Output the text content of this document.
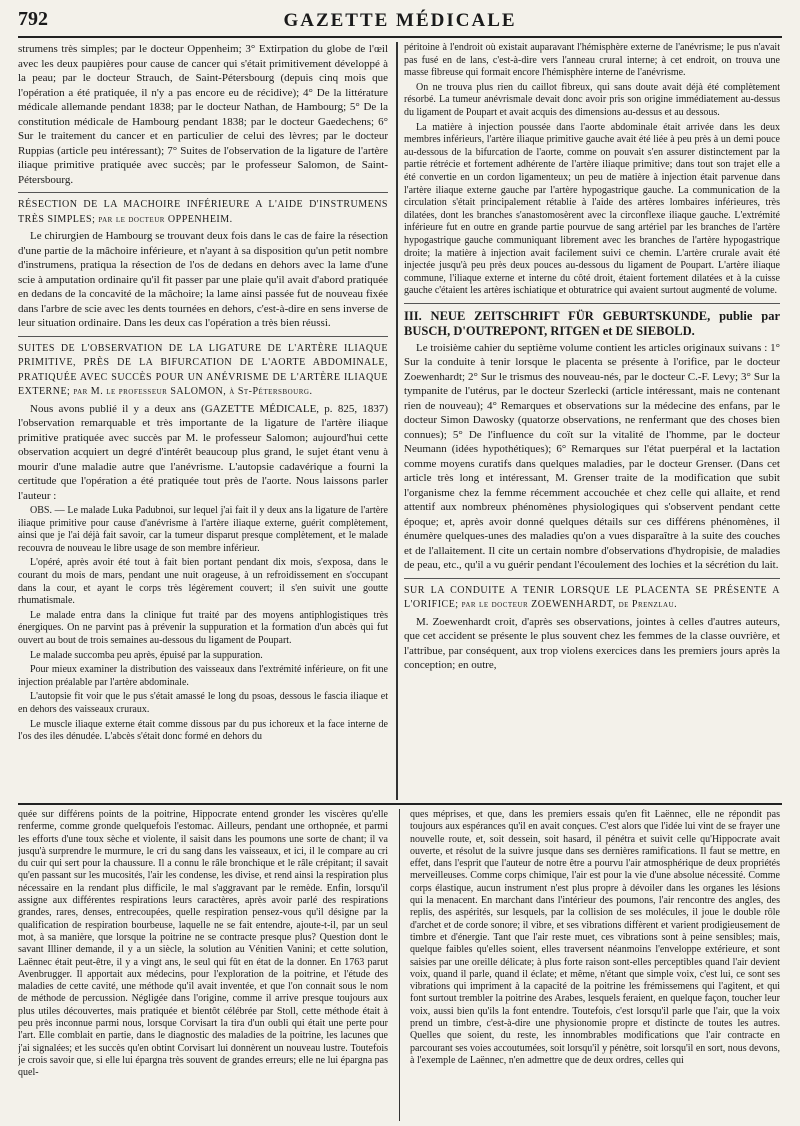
792	GAZETTE MÉDICALE

strumens très simples; par le docteur Oppenheim; 3° Extirpation du globe de l'œil avec les deux paupières pour cause de cancer qui s'était primitivement développé à la peau; par le docteur Strauch, de Saint-Pétersbourg (depuis cinq mois que l'opération a été pratiquée, il n'y a pas encore eu de récidive); 4° De la littérature médicale allemande pendant 1838; par le docteur Nathan, de Hambourg; 5° De la constitution médicale de Hambourg pendant 1838; par le docteur Gaedechens; 6° Sur le traitement du cancer et en particulier de celui des lèvres; par le docteur Ruppias (article peu intéressant); 7° Suites de l'observation de la ligature de l'artère iliaque primitive pratiquée avec succès; par le professeur Salomon, de Saint-Pétersbourg.

RÉSECTION DE LA MACHOIRE INFÉRIEURE A L'AIDE D'INSTRUMENS TRÈS SIMPLES; par le docteur OPPENHEIM.

Le chirurgien de Hambourg se trouvant deux fois dans le cas de faire la résection d'une partie de la mâchoire inférieure, et n'ayant à sa disposition qu'un petit nombre d'instrumens, pratiqua la résection de l'os de dedans en dehors avec la lame d'une scie à amputation ordinaire qu'il fit passer par une plaie qu'il avait d'abord pratiquée en dedans de la concavité de la mâchoire; la lame ainsi passée fut de nouveau fixée dans l'arbre de scie avec les dents tournées en dehors, c'est-à-dire en sens inverse de leur situation ordinaire. Dans les deux cas l'opération a très bien réussi.

SUITES DE L'OBSERVATION DE LA LIGATURE DE L'ARTÈRE ILIAQUE PRIMITIVE, PRÈS DE LA BIFURCATION DE L'AORTE ABDOMINALE, PRATIQUÉE AVEC SUCCÈS POUR UN ANÉVRISME DE L'ARTÈRE ILIAQUE EXTERNE; par M. le professeur SALOMON, à St-Pétersbourg.

Nous avons publié il y a deux ans (GAZETTE MÉDICALE, p. 825, 1837) l'observation remarquable et très importante de la ligature de l'artère iliaque primitive pratiquée avec succès par M. le professeur Salomon; aujourd'hui cette observation acquiert un degré d'intérêt beaucoup plus grand, le sujet étant venu à mourir d'une maladie autre que l'anévrisme. L'autopsie cadavérique a fourni la certitude que l'opération a été pratiquée tout près de l'aorte. Nous laissons parler l'auteur :

OBS. — Le malade Luka Padubnoi, sur lequel j'ai fait il y deux ans la ligature de l'artère iliaque primitive pour cause d'anévrisme à l'artère iliaque externe, guérit complètement, ainsi que je l'ai déjà fait savoir, car la tumeur disparut presque complètement, et le malade recouvra de nouveau le libre usage de son membre inférieur.

L'opéré, après avoir été tout à fait bien portant pendant dix mois, s'exposa, dans le courant du mois de mars, pendant une nuit orageuse, à un refroidissement en s'occupant dans la cour, et ayant le corps très légèrement couvert; il s'en suivit une goutte rhumatismale.

Le malade entra dans la clinique fut traité par des moyens antiphlogistiques très énergiques. On ne parvint pas à prévenir la suppuration et la formation d'un abcès qui fut ouvert au bout de trois semaines au-dessous du ligament de Poupart.

Le malade succomba peu après, épuisé par la suppuration.

Pour mieux examiner la distribution des vaisseaux dans l'extrémité inférieure, on fit une injection préalable par l'artère abdominale.

L'autopsie fit voir que le pus s'était amassé le long du psoas, dessous le fascia iliaque et en dehors des vaisseaux cruraux.

Le muscle iliaque externe était comme dissous par du pus ichoreux et la face interne de l'os des iles dénudée. L'abcès s'était donc formé en dehors du

péritoine à l'endroit où existait auparavant l'hémisphère externe de l'anévrisme; le pus n'avait pas fusé en de lans, c'est-à-dire vers l'anneau crural interne; à cet endroit, on trouva une masse fibreuse qui formait encore l'hémisphère interne de l'anévrisme.

On ne trouva plus rien du caillot fibreux, qui sans doute avait déjà été complètement résorbé. La tumeur anévrismale devait donc avoir pris son origine immédiatement au-dessus du ligament de Poupart et avait acquis des dimensions au-dessus et au dessous.

La matière à injection poussée dans l'aorte abdominale était arrivée dans les deux membres inférieurs, l'artère iliaque primitive gauche avait été liée à peu près à un demi pouce au-dessous de la bifurcation de l'aorte, comme on pouvait s'en assurer distinctement par la partie rétrécie et fortement adhérente de l'artère iliaque primitive; dans tout son trajet elle a été convertie en un cordon ligamenteux; un peu de matière à injection était parvenue dans l'artère iliaque externe gauche par l'artère hypogastrique gauche. La communication de la circulation s'était principalement rétablie à l'aide des artères lombaires inférieures, très dilatées, dont les branches s'anastomosèrent avec la circonflexe iliaque gauche. L'extrémité inférieure fut en outre en grande partie pourvue de sang artériel par les branches de l'artère hypogastrique gauche communiquant librement avec les branches de l'artère hypogastrique droite; la matière à injection avait facilement suivi ce chemin. L'artère crurale avait été injectée jusqu'à peu près deux pouces au-dessous du ligament de Poupart. L'artère iliaque commune, l'iliaque externe et interne du côté droit, étaient fortement dilatées et à la cuisse gauche c'étaient les artères ischiatique et obturatrice qui avaient surtout augmenté de volume.

III. NEUE ZEITSCHRIFT FÜR GEBURTSKUNDE, publie par BUSCH, D'OUTREPONT, RITGEN et DE SIEBOLD.

Le troisième cahier du septième volume contient les articles originaux suivans : 1° Sur la conduite à tenir lorsque le placenta se présente à l'orifice, par le docteur Zoewenhardt; 2° Sur le trismus des nouveau-nés, par le docteur C.-F. Levy; 3° Sur la tympanite de l'utérus, par le docteur Szerlecki (article intéressant, mais ne contenant rien de nouveau); 4° Remarques et observations sur la médecine des enfans, par le docteur Simon Dawosky (quatorze observations, ne renfermant que des choses bien connues); 5° De l'influence du coït sur la vitalité de l'homme, par le docteur Neumann (idées hypothétiques); 6° Remarques sur l'état puerpéral et la lactation comme moyens curatifs dans quelques maladies, par le docteur Grenser. (Dans cet article très long et intéressant, M. Grenser traite de la modification que subit l'organisme chez la femme récemment accouchée et chez celle qui allaite, et rend attentif aux nombreux phénomènes physiologiques qui s'observent pendant cette époque; et, après avoir donné quelques détails sur ces différens phénomènes, il énumère quelques-unes des maladies qu'on a vues disparaître à la suite des couches et de l'allaitement. Il cite un certain nombre d'observations d'hydropisie, de maladies de peau, etc., qu'il a vu guérir pendant l'écoulement des lochies et la sécrétion du lait.

SUR LA CONDUITE A TENIR LORSQUE LE PLACENTA SE PRÉSENTE A L'ORIFICE; par le docteur ZOEWENHARDT, de Prenzlau.

M. Zoewenhardt croit, d'après ses observations, jointes à celles d'autres auteurs, que cet accident se présente le plus souvent chez les femmes de la classe ouvrière, et l'attribue, par conséquent, aux trop violens exercices dans les premiers jours après la conception; en outre,

quée sur différens points de la poitrine, Hippocrate entend gronder les viscères qu'elle renferme, comme gronde quelquefois l'estomac. Ailleurs, pendant une orthopnée, et parmi les efforts d'une toux sèche et violente, il saisit dans les poumons une sorte de chant; il va jusqu'à surprendre le murmure, le cri du sang dans les vaisseaux, et ici, il le compare au cri du cuir qui sert pour la chaussure. Il a connu le râle bronchique et le râle crépitant; il savait qu'en passant sur les mucosités, l'air les condense, les divise, et rend ainsi la respiration plus nécessaire en la rendant plus difficile, le mal s'aggravant par le remède. Enfin, lorsqu'il assigne aux différentes respirations leurs caractères, après avoir parlé des respirations grandes, rares, denses, entrecoupées, quelle respiration pensez-vous qu'il désigne par la qualification de respiration bourbeuse, laquelle ne se fait entendre, ajoute-t-il, par un seul mot, à sa manière, que lorsque la poitrine ne se contracte presque plus? Question dont le savant Illiner demande, il y a un siècle, la solution au Vénitien Vanini; et cette solution, Laënnec était peut-être, il y a vingt ans, le seul qui fût en état de la donner. En 1763 parut Avenbrugger. Il apportait aux médecins, pour l'exploration de la poitrine, et l'étude des maladies de cette cavité, une méthode qu'il avait inventée, et que l'on connait sous le nom de méthode de percussion. Négligée dans l'origine, comme il arrive presque toujours aux plus utiles découvertes, mais pratiquée et bientôt célébrée par Stoll, cette méthode était à peu près inconnue parmi nous, lorsque Corvisart la tira d'un oubli qui était une perte pour l'art. Elle comblait en partie, dans le diagnostic des maladies de la poitrine, les lacunes que j'ai signalées; et les succès qu'en obtint Corvisart lui donnèrent un nouveau lustre. Toutefois je crois savoir que, si elle lui épargna très souvent de grandes erreurs; elle ne lui épargna pas quel-

ques méprises, et que, dans les premiers essais qu'en fit Laënnec, elle ne répondit pas toujours aux espérances qu'il en avait conçues. C'est alors que l'idée lui vint de se frayer une nouvelle route, et, soit dessein, soit hasard, il pénétra et suivit celle qu'Hippocrate avait ouverte, et résolut de la suivre jusque dans ses dernières ramifications. Il faut se mettre, en effet, dans l'esprit que l'auteur de notre être a pourvu l'air atmosphérique de deux propriétés merveilleuses. Comme corps chimique, l'air est pour la vie d'une absolue nécessité. Comme corps élastique, aucun instrument n'est plus propre à dévoiler dans les organes les lésions qui la menacent. En marchant dans l'intérieur des poumons, l'air rencontre des angles, des replis, des aspérités, sur lesquels, par la collision de ses molécules, il joue le double rôle d'archet et de corde sonore; il vibre, et ses vibrations diffèrent et varient prodigieusement de timbre et d'énergie. Tant que l'air reste muet, ces vibrations sont à peine sensibles; mais, quelque faibles qu'elles soient, elles traversent néanmoins l'enveloppe extérieure, et sont saisies par une oreille délicate; à plus forte raison sont-elles perceptibles quand l'air devient voix, quand il parle, quand il éclate; et même, n'étant que simple voix, c'est lui, ce sont ses vibrations qui impriment à la capacité de la poitrine les frémissemens qui l'agitent, et qui font surtout trembler la poitrine des Arabes, lesquels feraient, en quelque façon, toucher leur voix, aussi bien qu'ils la font entendre. Toutefois, c'est lorsqu'il parle que l'air, que la voix prend un timbre, c'est-à-dire une physionomie propre et distincte de toutes les autres. Quelles que soient, du reste, les innombrables modifications que l'air contracte en parcourant ses voies accoutumées, soit lorsqu'il y pénètre, soit lorsqu'il en sort, nous devons, à l'exemple de Laënnec, n'en admettre que de deux ordres, celles qui
